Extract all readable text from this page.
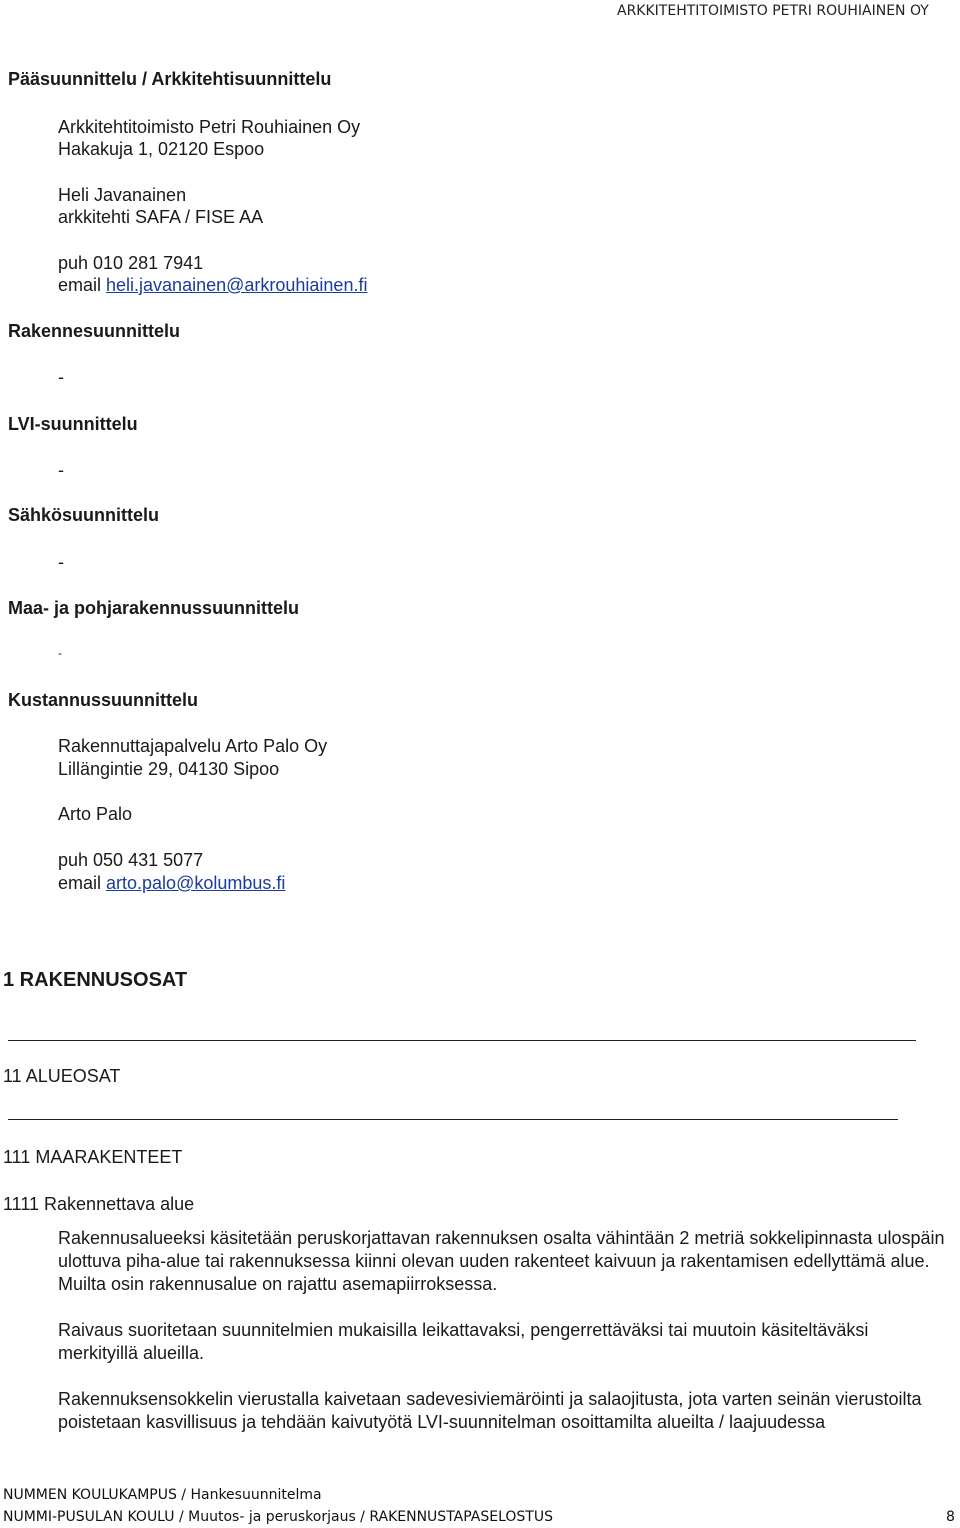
ARKKITEHTITOIMISTO PETRI ROUHIAINEN OY
Pääsuunnittelu / Arkkitehtisuunnittelu
Arkkitehtitoimisto Petri Rouhiainen Oy
Hakakuja 1, 02120 Espoo
Heli Javanainen
arkkitehti SAFA / FISE AA
puh 010 281 7941
email heli.javanainen@arkrouhiainen.fi
Rakennesuunnittelu
-
LVI-suunnittelu
-
Sähkösuunnittelu
-
Maa- ja pohjarakennussuunnittelu
-
Kustannussuunnittelu
Rakennuttajapalvelu Arto Palo Oy
Lillängintie 29, 04130 Sipoo
Arto Palo
puh 050 431 5077
email arto.palo@kolumbus.fi
1 RAKENNUSOSAT
11 ALUEOSAT
111 MAARAKENTEET
1111 Rakennettava alue
Rakennusalueeksi käsitetään peruskorjattavan rakennuksen osalta vähintään 2 metriä sokkelipinnasta ulospäin ulottuva piha-alue tai rakennuksessa kiinni olevan uuden rakenteet kaivuun ja rakentamisen edellyttämä alue. Muilta osin rakennusalue on rajattu asemapiirroksessa.
Raivaus suoritetaan suunnitelmien mukaisilla leikattavaksi, pengerrettäväksi tai muutoin käsiteltäväksi merkityillä alueilla.
Rakennuksensokkelin vierustalla kaivetaan sadevesiviemäröinti ja salaojitusta, jota varten seinän vierustoilta poistetaan kasvillisuus ja tehdään kaivutyötä LVI-suunnitelman osoittamilta alueilta / laajuudessa
NUMMEN KOULUKAMPUS / Hankesuunnitelma
NUMMI-PUSULAN KOULU / Muutos- ja peruskorjaus / RAKENNUSTAPASELOSTUS	8
